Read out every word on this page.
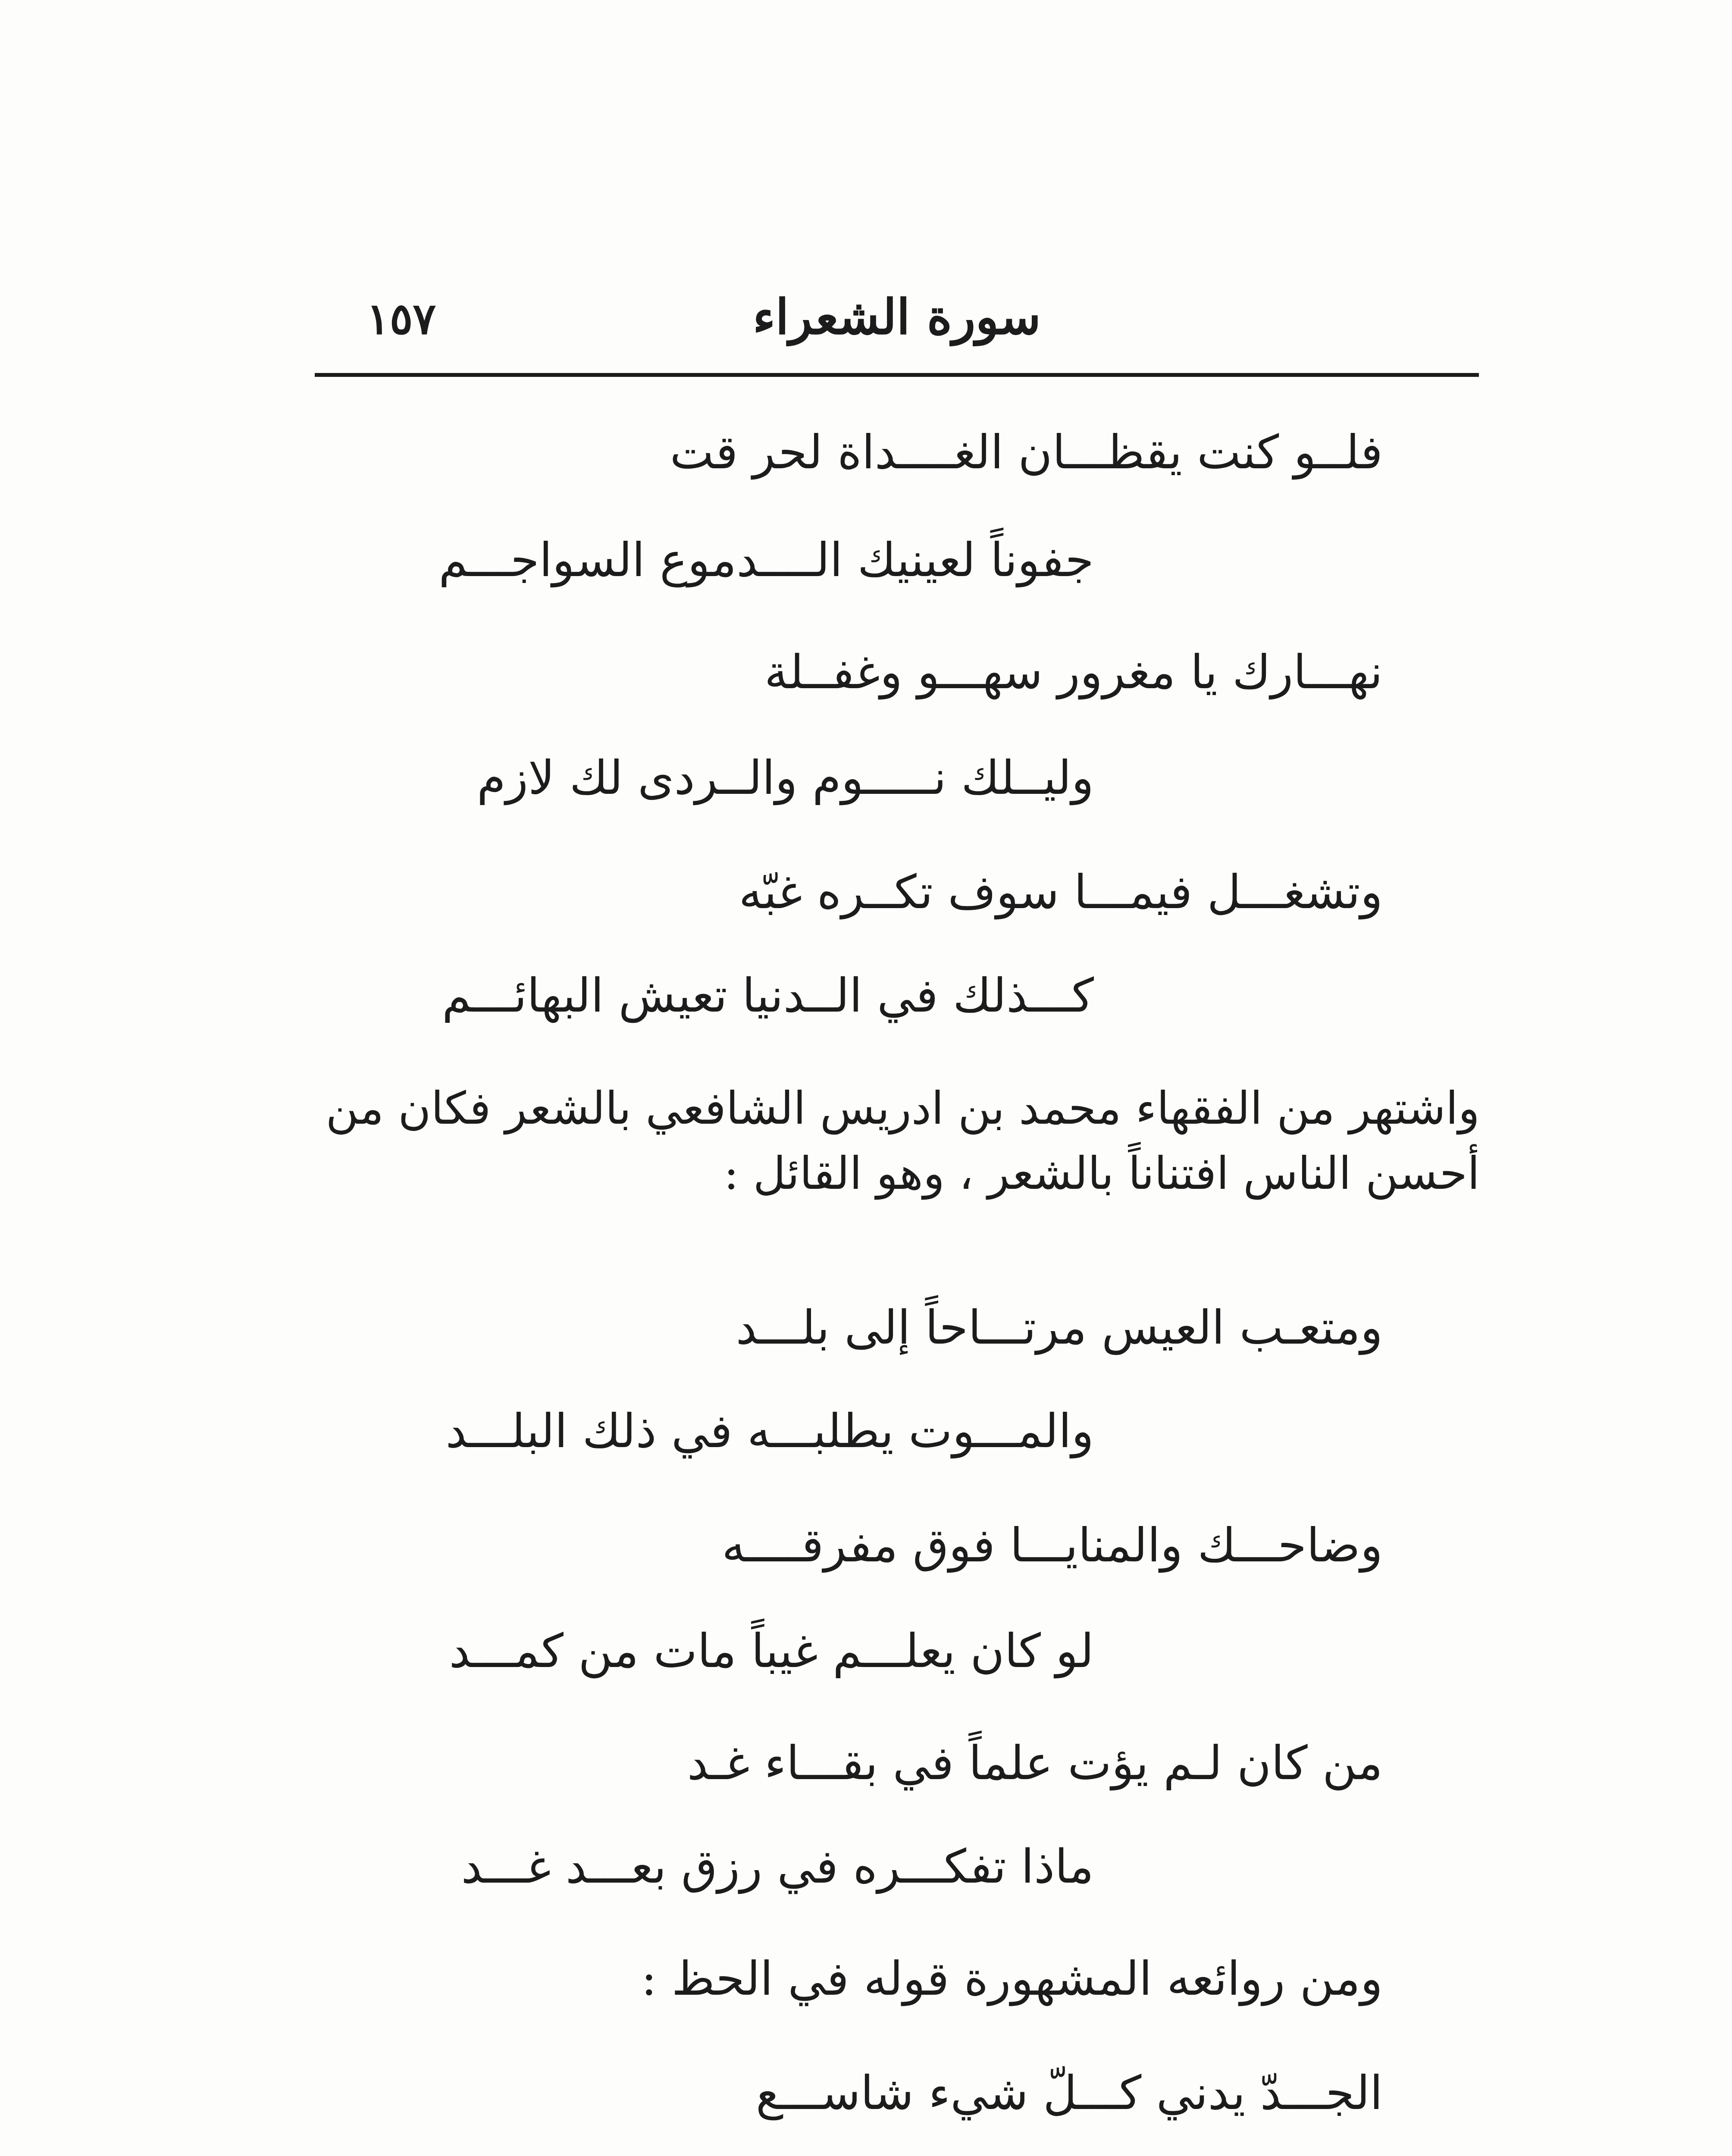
١٥٧	سورة الشعراء
فلــو كنت يقظـــان الغــــداة لحر قت
جفوناً لعينيك الــــدموع السواجـــم
نهـــارك يا مغرور سهـــو وغفــلة
وليــلك نـــــوم والــردى لك لازم
وتشغـــل فيمـــا سوف تكــره غبّه
كـــذلك في الــدنيا تعيش البهائـــم
واشتهر من الفقهاء محمد بن ادريس الشافعي بالشعر فكان من أحسن الناس افتناناً بالشعر ، وهو القائل :
ومتعـب العيس مرتـــاحاً إلى بلـــد
والمـــوت يطلبـــه في ذلك البلـــد
وضاحـــك والمنايـــا فوق مفرقــــه
لو كان يعلـــم غيباً مات من كمـــد
من كان لـم يؤت علماً في بقـــاء غـد
ماذا تفكـــره في رزق بعـــد غـــد
ومن روائعه المشهورة قوله في الحظ :
الجـــدّ يدني كـــلّ شيء شاســـع
